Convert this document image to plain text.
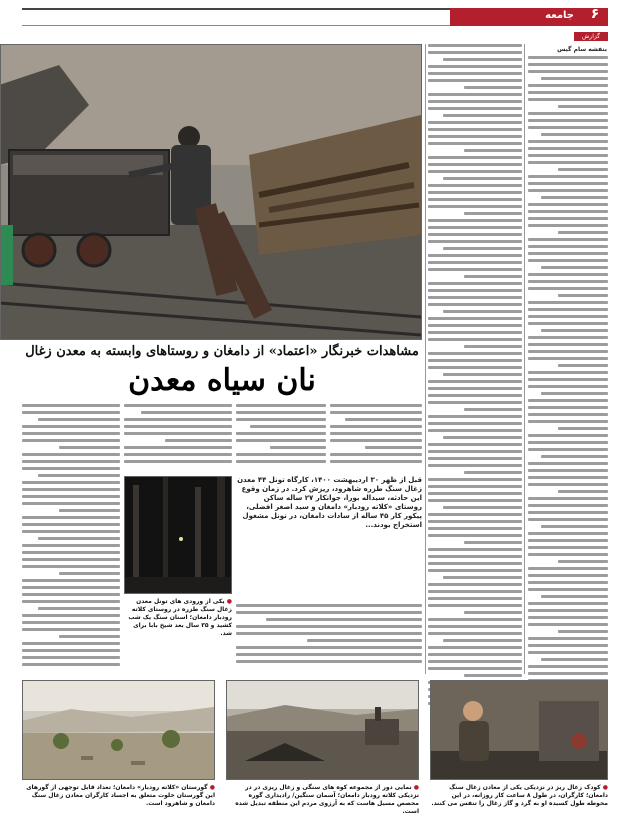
جامعه	۶
گزارش
بنفشه سام گیس
مشاهدات خبرنگار «اعتماد» از دامغان و روستاهای وابسته به معدن زغال
نان سیاه معدن
قبل از ظهر ۳۰ اردیبهشت ۱۴۰۰، کارگاه تونل ۴۴ معدن زغال سنگ طزره شاهرود، ریزش کرد. در زمان وقوع این حادثه، سیداله بورا، جوانکار ۲۷ ساله ساکن روستای «کلاته رودبار» دامغان و سید اصغر افضلی، پیکور کار ۴۵ ساله از سادات دامغان، در تونل مشغول استخراج بودند...
● یکی از ورودی های تونل معدن زغال سنگ طزره در روستای کلاته رودبار دامغان؛ اسنان سنگ یک شب کشید و ۳۵ سال بعد شیخ بابا برای شد.
● گورستان «کلاته رودبار» دامغان؛ تعداد قابل توجهی از گورهای این گورستان خلوت متعلق به اجساد کارگران معادن زغال سنگ دامغان و شاهرود است.
● نمایی دور از مجموعه کوه های سنگی و زغال ریزی در در نزدیکی کلاته رودبار دامغان؛ آسمان سنگین/ رادیداری گوره محصص مسیل هاست که به آرزوی مردم این منطقه تبدیل شده است.
● کودک زغال ریز در نزدیکی یکی از معادن زغال سنگ دامغان؛ کارگران، در طول ۸ ساعت کار روزانه، در این محوطه طول کسیده او به گرد و گاز زغال را تنفس می کنند.
